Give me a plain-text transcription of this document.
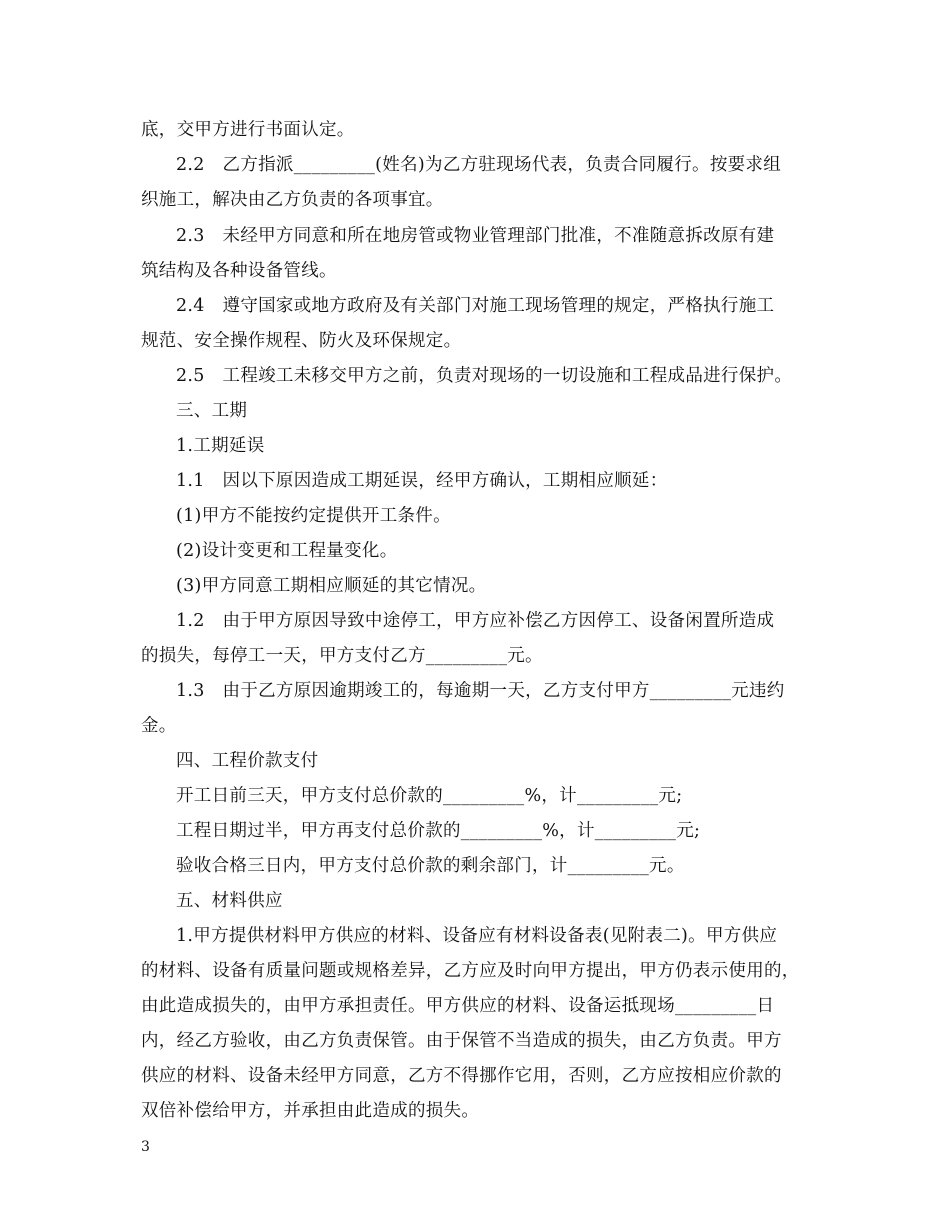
底，交甲方进行书面认定。
2.2　乙方指派_________(姓名)为乙方驻现场代表，负责合同履行。按要求组
织施工，解决由乙方负责的各项事宜。
2.3　未经甲方同意和所在地房管或物业管理部门批准，不准随意拆改原有建
筑结构及各种设备管线。
2.4　遵守国家或地方政府及有关部门对施工现场管理的规定，严格执行施工
规范、安全操作规程、防火及环保规定。
2.5　工程竣工未移交甲方之前，负责对现场的一切设施和工程成品进行保护。
三、工期
1.工期延误
1.1　因以下原因造成工期延误，经甲方确认，工期相应顺延：
(1)甲方不能按约定提供开工条件。
(2)设计变更和工程量变化。
(3)甲方同意工期相应顺延的其它情况。
1.2　由于甲方原因导致中途停工，甲方应补偿乙方因停工、设备闲置所造成
的损失，每停工一天，甲方支付乙方_________元。
1.3　由于乙方原因逾期竣工的，每逾期一天，乙方支付甲方_________元违约
金。
四、工程价款支付
开工日前三天，甲方支付总价款的_________%，计_________元;
工程日期过半，甲方再支付总价款的_________%，计_________元;
验收合格三日内，甲方支付总价款的剩余部门，计_________元。
五、材料供应
1.甲方提供材料甲方供应的材料、设备应有材料设备表(见附表二)。甲方供应
的材料、设备有质量问题或规格差异，乙方应及时向甲方提出，甲方仍表示使用的，
由此造成损失的，由甲方承担责任。甲方供应的材料、设备运抵现场_________日
内，经乙方验收，由乙方负责保管。由于保管不当造成的损失，由乙方负责。甲方
供应的材料、设备未经甲方同意，乙方不得挪作它用，否则，乙方应按相应价款的
双倍补偿给甲方，并承担由此造成的损失。
3
